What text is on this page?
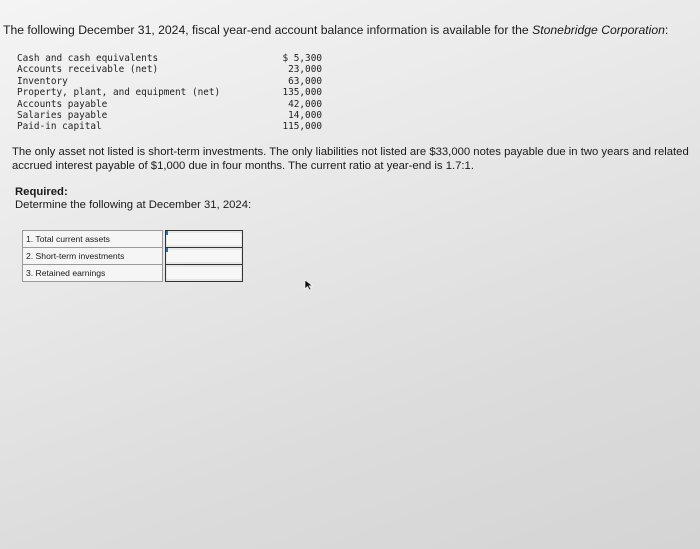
The following December 31, 2024, fiscal year-end account balance information is available for the Stonebridge Corporation:
Cash and cash equivalents	$ 5,300
Accounts receivable (net)	23,000
Inventory	63,000
Property, plant, and equipment (net)	135,000
Accounts payable	42,000
Salaries payable	14,000
Paid-in capital	115,000
The only asset not listed is short-term investments. The only liabilities not listed are $33,000 notes payable due in two years and related accrued interest payable of $1,000 due in four months. The current ratio at year-end is 1.7:1.
Required:
Determine the following at December 31, 2024:
1. Total current assets		

2. Short-term investments		

3. Retained earnings		
